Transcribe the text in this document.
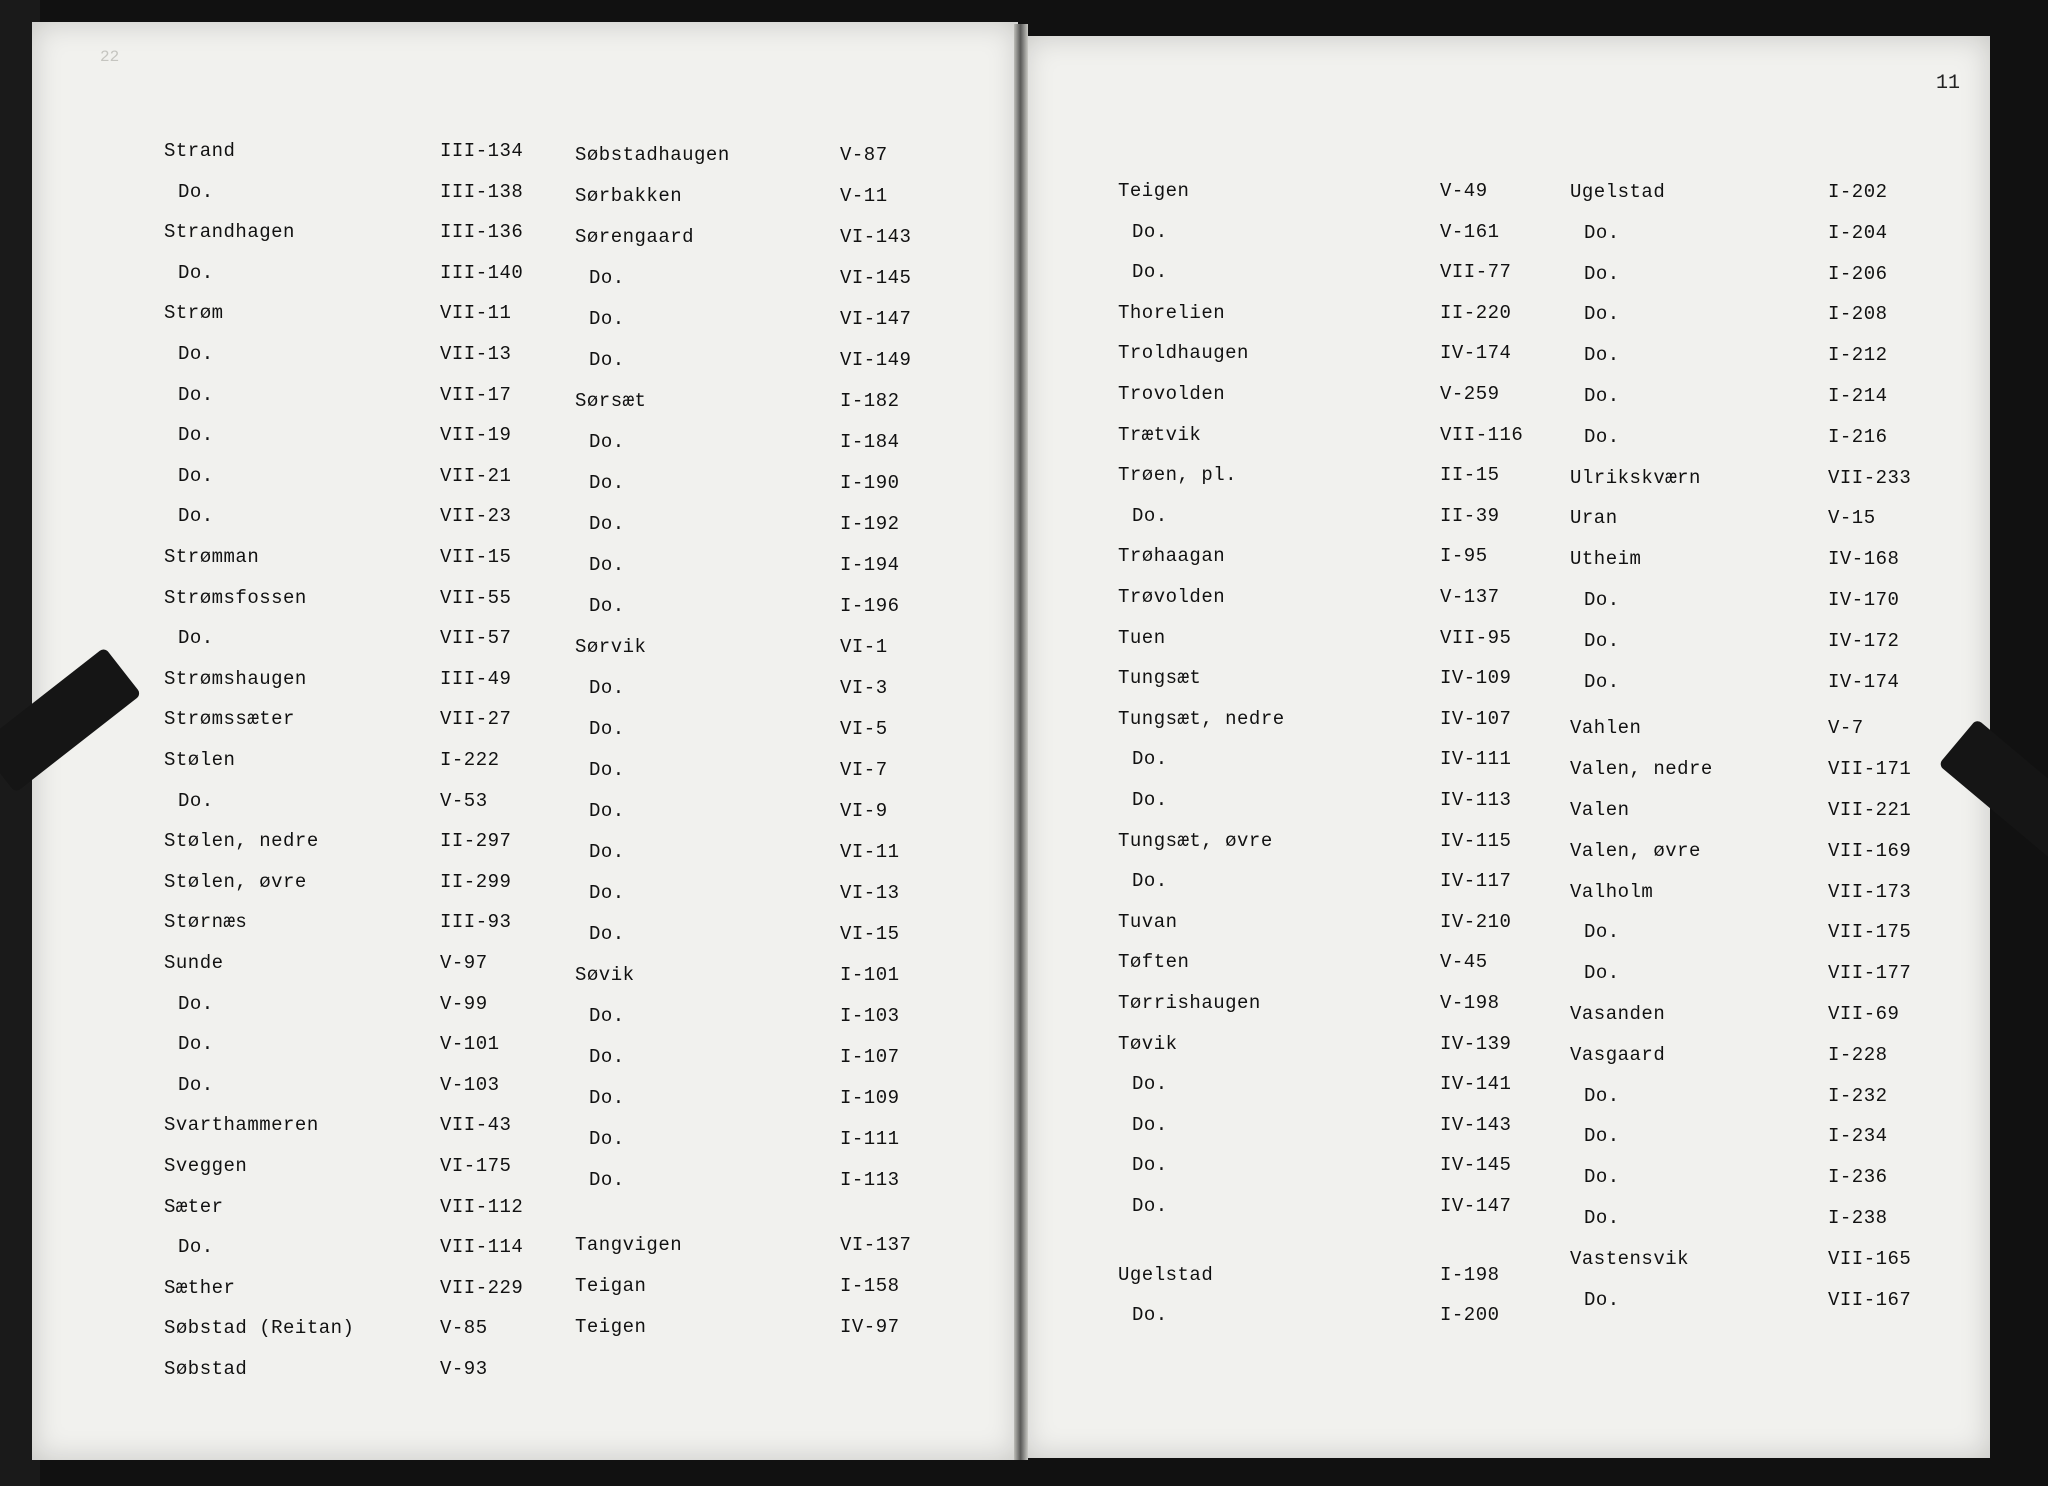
22
11
Strand	III-134
Do.	III-138
Strandhagen	III-136
Do.	III-140
Strøm	VII-11
Do.	VII-13
Do.	VII-17
Do.	VII-19
Do.	VII-21
Do.	VII-23
Strømman	VII-15
Strømsfossen	VII-55
Do.	VII-57
Strømshaugen	III-49
Strømssæter	VII-27
Stølen	I-222
Do.	V-53
Stølen, nedre	II-297
Stølen, øvre	II-299
Størnæs	III-93
Sunde	V-97
Do.	V-99
Do.	V-101
Do.	V-103
Svarthammeren	VII-43
Sveggen	VI-175
Sæter	VII-112
Do.	VII-114
Sæther	VII-229
Søbstad (Reitan)	V-85
Søbstad	V-93
Søbstadhaugen	V-87
Sørbakken	V-11
Sørengaard	VI-143
Do.	VI-145
Do.	VI-147
Do.	VI-149
Sørsæt	I-182
Do.	I-184
Do.	I-190
Do.	I-192
Do.	I-194
Do.	I-196
Sørvik	VI-1
Do.	VI-3
Do.	VI-5
Do.	VI-7
Do.	VI-9
Do.	VI-11
Do.	VI-13
Do.	VI-15
Søvik	I-101
Do.	I-103
Do.	I-107
Do.	I-109
Do.	I-111
Do.	I-113
Tangvigen	VI-137
Teigan	I-158
Teigen	IV-97
Teigen	V-49
Do.	V-161
Do.	VII-77
Thorelien	II-220
Troldhaugen	IV-174
Trovolden	V-259
Trætvik	VII-116
Trøen, pl.	II-15
Do.	II-39
Trøhaagan	I-95
Trøvolden	V-137
Tuen	VII-95
Tungsæt	IV-109
Tungsæt, nedre	IV-107
Do.	IV-111
Do.	IV-113
Tungsæt, øvre	IV-115
Do.	IV-117
Tuvan	IV-210
Tøften	V-45
Tørrishaugen	V-198
Tøvik	IV-139
Do.	IV-141
Do.	IV-143
Do.	IV-145
Do.	IV-147
Ugelstad	I-198
Do.	I-200
Ugelstad	I-202
Do.	I-204
Do.	I-206
Do.	I-208
Do.	I-212
Do.	I-214
Do.	I-216
Ulrikskværn	VII-233
Uran	V-15
Utheim	IV-168
Do.	IV-170
Do.	IV-172
Do.	IV-174
Vahlen	V-7
Valen, nedre	VII-171
Valen	VII-221
Valen, øvre	VII-169
Valholm	VII-173
Do.	VII-175
Do.	VII-177
Vasanden	VII-69
Vasgaard	I-228
Do.	I-232
Do.	I-234
Do.	I-236
Do.	I-238
Vastensvik	VII-165
Do.	VII-167
